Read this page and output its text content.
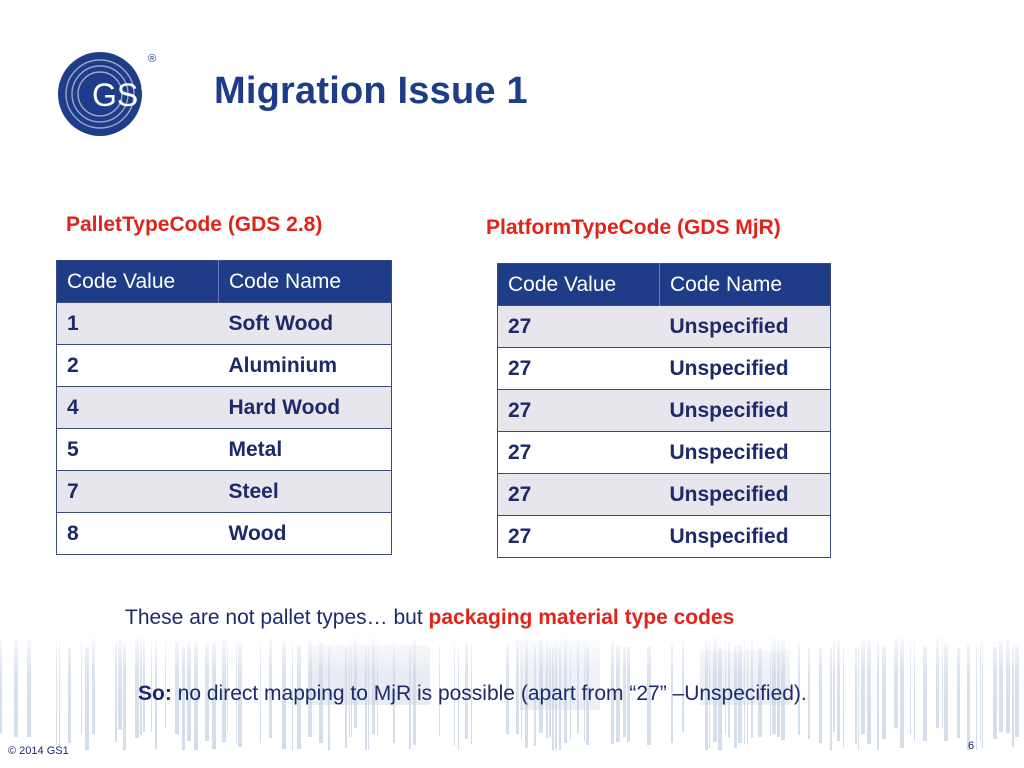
GS1
®
Migration Issue 1
PalletTypeCode (GDS 2.8)	PlatformTypeCode (GDS MjR)
Code Value	Code Name
1	Soft Wood
2	Aluminium
4	Hard Wood
5	Metal
7	Steel
8	Wood
Code Value	Code Name
27	Unspecified
27	Unspecified
27	Unspecified
27	Unspecified
27	Unspecified
27	Unspecified
These are not pallet types… but packaging material type codes
So: no direct mapping to MjR is possible (apart from “27” –Unspecified).
© 2014 GS1	6
